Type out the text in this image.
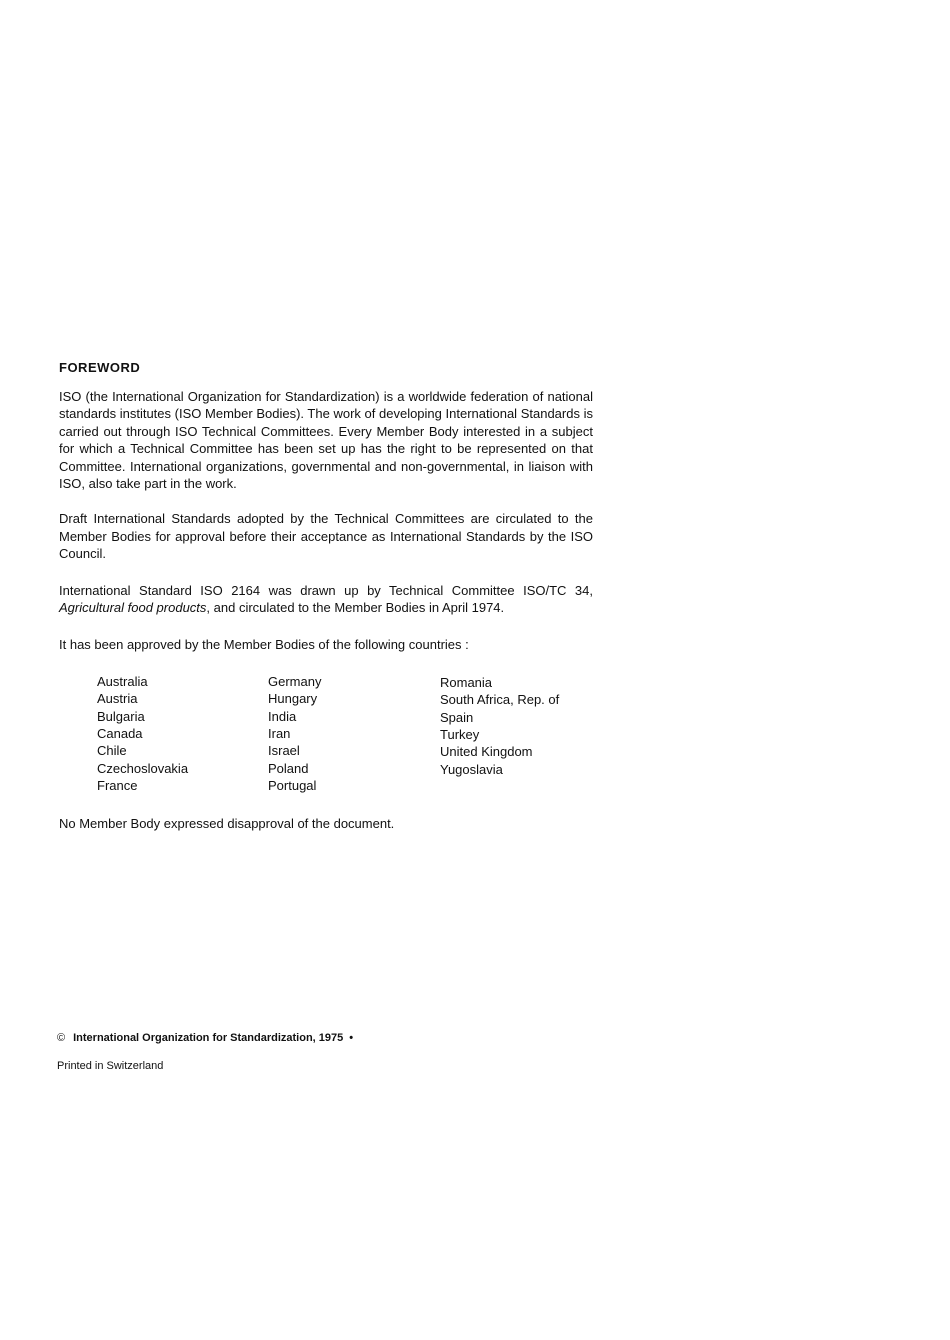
FOREWORD

ISO (the International Organization for Standardization) is a worldwide federation of national standards institutes (ISO Member Bodies). The work of developing International Standards is carried out through ISO Technical Committees. Every Member Body interested in a subject for which a Technical Committee has been set up has the right to be represented on that Committee. International organizations, governmental and non-governmental, in liaison with ISO, also take part in the work.

Draft International Standards adopted by the Technical Committees are circulated to the Member Bodies for approval before their acceptance as International Standards by the ISO Council.

International Standard ISO 2164 was drawn up by Technical Committee ISO/TC 34, Agricultural food products, and circulated to the Member Bodies in April 1974.

It has been approved by the Member Bodies of the following countries :

Australia
Austria
Bulgaria
Canada
Chile
Czechoslovakia
France
Germany
Hungary
India
Iran
Israel
Poland
Portugal
Romania
South Africa, Rep. of
Spain
Turkey
United Kingdom
Yugoslavia

No Member Body expressed disapproval of the document.

© International Organization for Standardization, 1975 •
Printed in Switzerland
